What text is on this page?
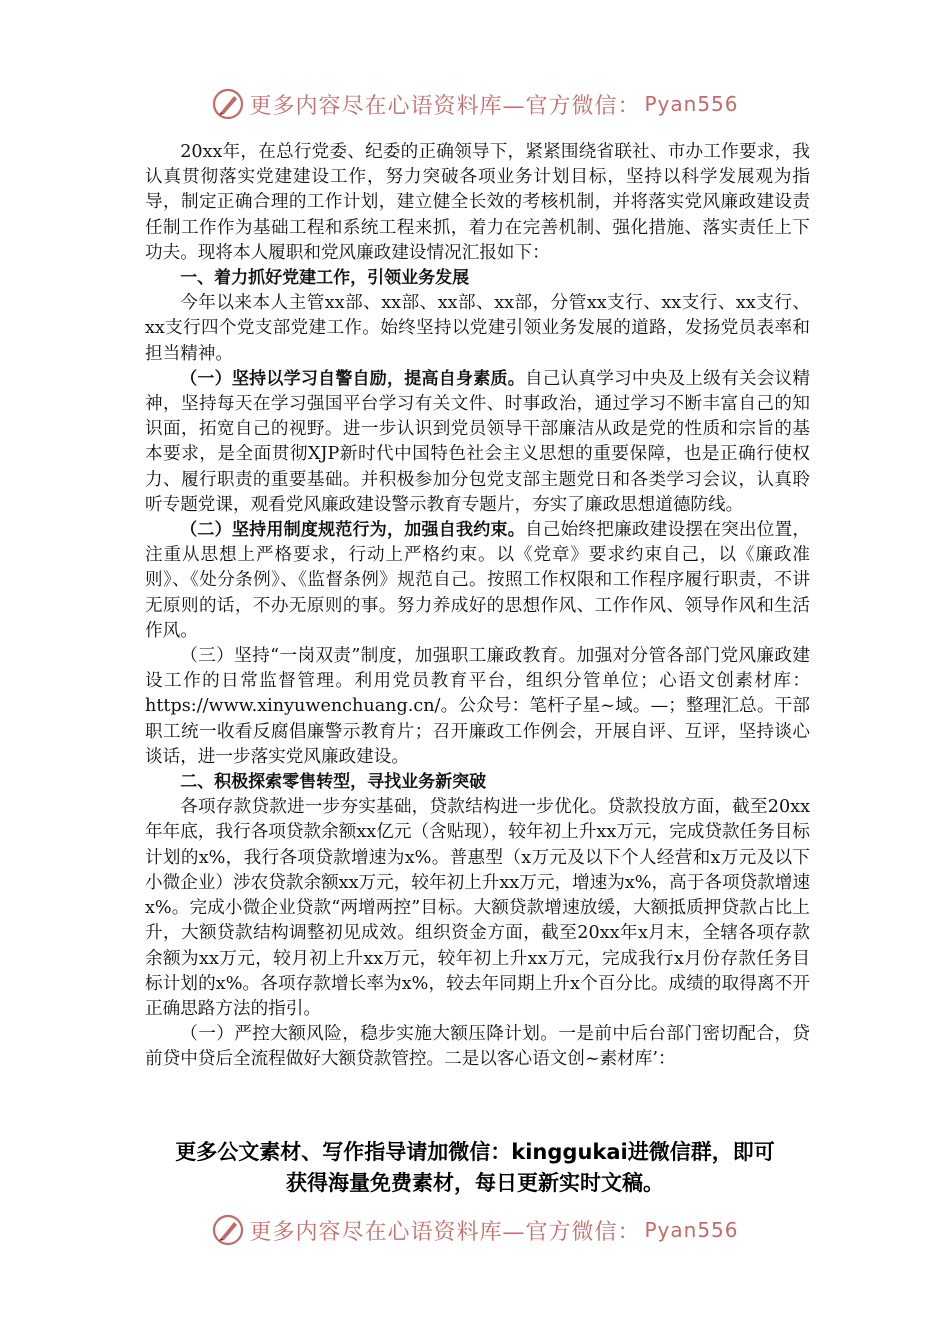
更多内容尽在心语资料库—官方微信： Pyan556

20xx年，在总行党委、纪委的正确领导下，紧紧围绕省联社、市办工作要求，我认真贯彻落实党建建设工作，努力突破各项业务计划目标，坚持以科学发展观为指导，制定正确合理的工作计划，建立健全长效的考核机制，并将落实党风廉政建设责任制工作作为基础工程和系统工程来抓，着力在完善机制、强化措施、落实责任上下功夫。现将本人履职和党风廉政建设情况汇报如下：

一、着力抓好党建工作，引领业务发展

今年以来本人主管xx部、xx部、xx部、xx部，分管xx支行、xx支行、xx支行、xx支行四个党支部党建工作。始终坚持以党建引领业务发展的道路，发扬党员表率和担当精神。

（一）坚持以学习自警自励，提高自身素质。自己认真学习中央及上级有关会议精神，坚持每天在学习强国平台学习有关文件、时事政治，通过学习不断丰富自己的知识面，拓宽自己的视野。进一步认识到党员领导干部廉洁从政是党的性质和宗旨的基本要求，是全面贯彻XJP新时代中国特色社会主义思想的重要保障，也是正确行使权力、履行职责的重要基础。并积极参加分包党支部主题党日和各类学习会议，认真聆听专题党课，观看党风廉政建设警示教育专题片，夯实了廉政思想道德防线。

（二）坚持用制度规范行为，加强自我约束。自己始终把廉政建设摆在突出位置，注重从思想上严格要求，行动上严格约束。以《党章》要求约束自己，以《廉政准则》、《处分条例》、《监督条例》规范自己。按照工作权限和工作程序履行职责，不讲无原则的话，不办无原则的事。努力养成好的思想作风、工作作风、领导作风和生活作风。

（三）坚持“一岗双责”制度，加强职工廉政教育。加强对分管各部门党风廉政建设工作的日常监督管理。利用党员教育平台，组织分管单位；心语文创素材库：https://www.xinyuwenchuang.cn/。公众号：笔杆子星~域。—；整理汇总。干部职工统一收看反腐倡廉警示教育片；召开廉政工作例会，开展自评、互评，坚持谈心谈话，进一步落实党风廉政建设。

二、积极探索零售转型，寻找业务新突破

各项存款贷款进一步夯实基础，贷款结构进一步优化。贷款投放方面，截至20xx年年底，我行各项贷款余额xx亿元（含贴现），较年初上升xx万元，完成贷款任务目标计划的x%，我行各项贷款增速为x%。普惠型（x万元及以下个人经营和x万元及以下小微企业）涉农贷款余额xx万元，较年初上升xx万元，增速为x%，高于各项贷款增速x%。完成小微企业贷款“两增两控”目标。大额贷款增速放缓，大额抵质押贷款占比上升，大额贷款结构调整初见成效。组织资金方面，截至20xx年x月末，全辖各项存款余额为xx万元，较月初上升xx万元，较年初上升xx万元，完成我行x月份存款任务目标计划的x%。各项存款增长率为x%，较去年同期上升x个百分比。成绩的取得离不开正确思路方法的指引。

（一）严控大额风险，稳步实施大额压降计划。一是前中后台部门密切配合，贷前贷中贷后全流程做好大额贷款管控。二是以客心语文创~素材库’：

更多公文素材、写作指导请加微信：kinggukai进微信群，即可
获得海量免费素材，每日更新实时文稿。
更多内容尽在心语资料库—官方微信： Pyan556
